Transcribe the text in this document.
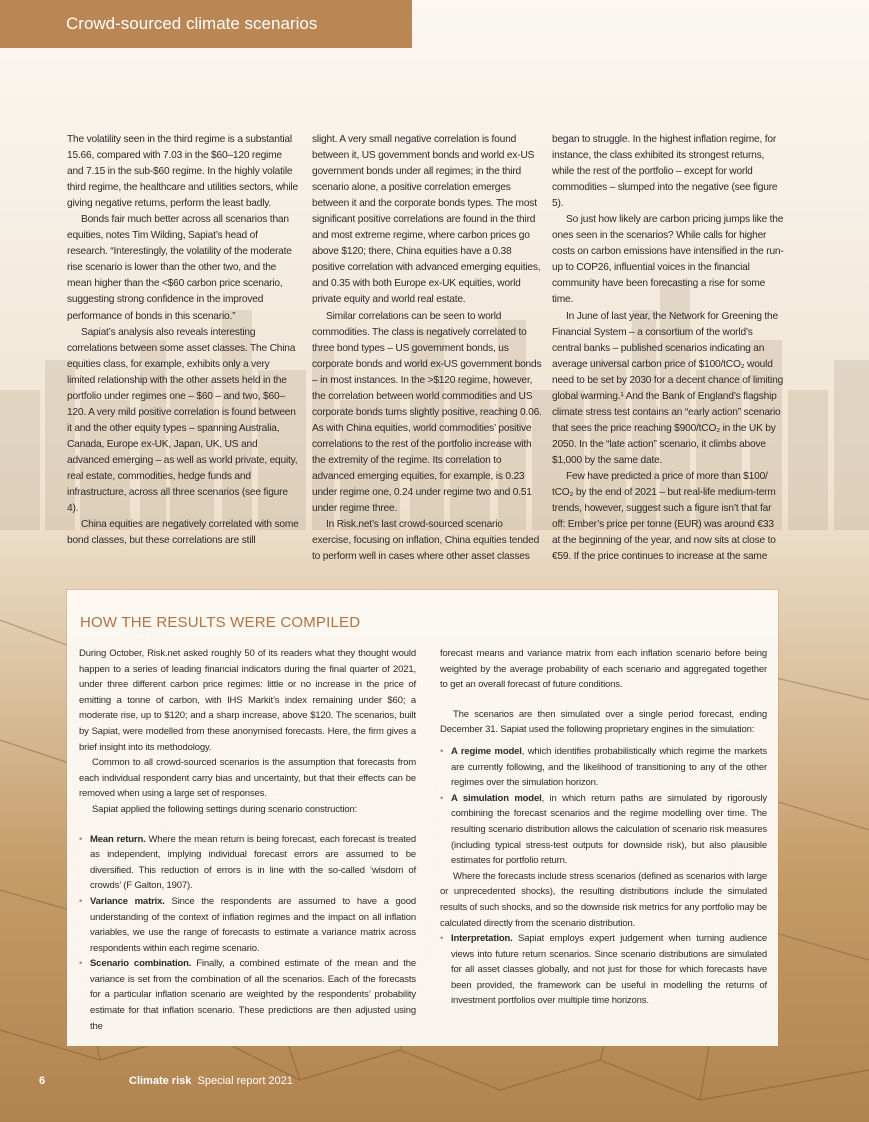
Crowd-sourced climate scenarios

The volatility seen in the third regime is a substantial 15.66, compared with 7.03 in the $60–120 regime and 7.15 in the sub-$60 regime. In the highly volatile third regime, the healthcare and utilities sectors, while giving negative returns, perform the least badly.

Bonds fair much better across all scenarios than equities, notes Tim Wilding, Sapiat’s head of research. “Interestingly, the volatility of the moderate rise scenario is lower than the other two, and the mean higher than the <$60 carbon price scenario, suggesting strong confidence in the improved performance of bonds in this scenario.”

Sapiat’s analysis also reveals interesting correlations between some asset classes. The China equities class, for example, exhibits only a very limited relationship with the other assets held in the portfolio under regimes one – $60 – and two, $60–120. A very mild positive correlation is found between it and the other equity types – spanning Australia, Canada, Europe ex-UK, Japan, UK, US and advanced emerging – as well as world private, equity, real estate, commodities, hedge funds and infrastructure, across all three scenarios (see figure 4).

China equities are negatively correlated with some bond classes, but these correlations are still

slight. A very small negative correlation is found between it, US government bonds and world ex-US government bonds under all regimes; in the third scenario alone, a positive correlation emerges between it and the corporate bonds types. The most significant positive correlations are found in the third and most extreme regime, where carbon prices go above $120; there, China equities have a 0.38 positive correlation with advanced emerging equities, and 0.35 with both Europe ex-UK equities, world private equity and world real estate.

Similar correlations can be seen to world commodities. The class is negatively correlated to three bond types – US government bonds, us corporate bonds and world ex-US government bonds – in most instances. In the >$120 regime, however, the correlation between world commodities and US corporate bonds turns slightly positive, reaching 0.06. As with China equities, world commodities’ positive correlations to the rest of the portfolio increase with the extremity of the regime. Its correlation to advanced emerging equities, for example, is 0.23 under regime one, 0.24 under regime two and 0.51 under regime three.

In Risk.net’s last crowd-sourced scenario exercise, focusing on inflation, China equities tended to perform well in cases where other asset classes

began to struggle. In the highest inflation regime, for instance, the class exhibited its strongest returns, while the rest of the portfolio – except for world commodities – slumped into the negative (see figure 5).

So just how likely are carbon pricing jumps like the ones seen in the scenarios? While calls for higher costs on carbon emissions have intensified in the run-up to COP26, influential voices in the financial community have been forecasting a rise for some time.

In June of last year, the Network for Greening the Financial System – a consortium of the world’s central banks – published scenarios indicating an average universal carbon price of $100/tCO₂ would need to be set by 2030 for a decent chance of limiting global warming.¹ And the Bank of England’s flagship climate stress test contains an “early action” scenario that sees the price reaching $900/tCO₂ in the UK by 2050. In the “late action” scenario, it climbs above $1,000 by the same date.

Few have predicted a price of more than $100/ tCO₂ by the end of 2021 – but real-life medium-term trends, however, suggest such a figure isn’t that far off: Ember’s price per tonne (EUR) was around €33 at the beginning of the year, and now sits at close to €59. If the price continues to increase at the same

HOW THE RESULTS WERE COMPILED

During October, Risk.net asked roughly 50 of its readers what they thought would happen to a series of leading financial indicators during the final quarter of 2021, under three different carbon price regimes: little or no increase in the price of emitting a tonne of carbon, with IHS Markit’s index remaining under $60; a moderate rise, up to $120; and a sharp increase, above $120. The scenarios, built by Sapiat, were modelled from these anonymised forecasts. Here, the firm gives a brief insight into its methodology.

Common to all crowd-sourced scenarios is the assumption that forecasts from each individual respondent carry bias and uncertainty, but that their effects can be removed when using a large set of responses.

Sapiat applied the following settings during scenario construction:

• Mean return. Where the mean return is being forecast, each forecast is treated as independent, implying individual forecast errors are assumed to be diversified. This reduction of errors is in line with the so-called ‘wisdom of crowds’ (F Galton, 1907).

• Variance matrix. Since the respondents are assumed to have a good understanding of the context of inflation regimes and the impact on all inflation variables, we use the range of forecasts to estimate a variance matrix across respondents within each regime scenario.

• Scenario combination. Finally, a combined estimate of the mean and the variance is set from the combination of all the scenarios. Each of the forecasts for a particular inflation scenario are weighted by the respondents’ probability estimate for that inflation scenario. These predictions are then adjusted using the

forecast means and variance matrix from each inflation scenario before being weighted by the average probability of each scenario and aggregated together to get an overall forecast of future conditions.

The scenarios are then simulated over a single period forecast, ending December 31. Sapiat used the following proprietary engines in the simulation:

• A regime model, which identifies probabilistically which regime the markets are currently following, and the likelihood of transitioning to any of the other regimes over the simulation horizon.

• A simulation model, in which return paths are simulated by rigorously combining the forecast scenarios and the regime modelling over time. The resulting scenario distribution allows the calculation of scenario risk measures (including typical stress-test outputs for downside risk), but also plausible estimates for portfolio return.

Where the forecasts include stress scenarios (defined as scenarios with large or unprecedented shocks), the resulting distributions include the simulated results of such shocks, and so the downside risk metrics for any portfolio may be calculated directly from the scenario distribution.

• Interpretation. Sapiat employs expert judgement when turning audience views into future return scenarios. Since scenario distributions are simulated for all asset classes globally, and not just for those for which forecasts have been provided, the framework can be useful in modelling the returns of investment portfolios over multiple time horizons.

6	Climate risk Special report 2021
